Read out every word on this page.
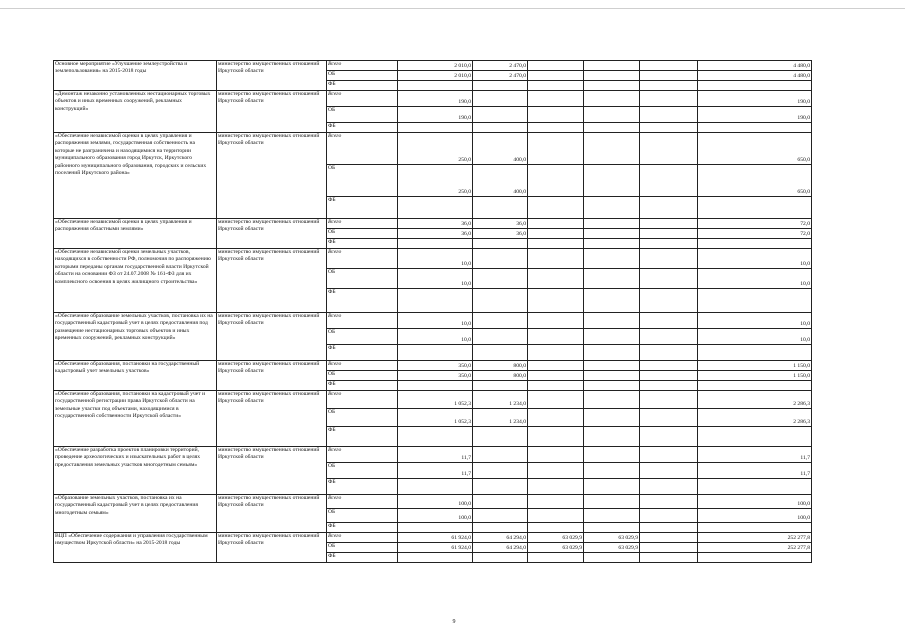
Основное мероприятие «Улучшение землеустройства и землепользования» на 2015-2018 годы	министерство имущественных отношений Иркутской области	Всего	2 010,0	2 470,0				4 480,0
		ОБ	2 010,0	2 470,0				4 480,0
		ФБ						
«Демонтаж незаконно установленных нестационарных торговых объектов и иных временных сооружений, рекламных конструкций»	министерство имущественных отношений Иркутской области	Всего	190,0					190,0
		ОБ	190,0					190,0
		ФБ						
«Обеспечение независимой оценки в целях управления и распоряжения землями, государственная собственность на которые не разграничена и находящимися на территории муниципального образования город Иркутск, Иркутского районного муниципального образования, городских и сельских поселений Иркутского района»	министерство имущественных отношений Иркутской области	Всего	250,0	400,0				650,0
		ОБ	250,0	400,0				650,0
		ФБ						
«Обеспечение независимой оценки в целях управления и распоряжения областными землями»	министерство имущественных отношений Иркутской области	Всего	36,0	36,0				72,0
		ОБ	36,0	36,0				72,0
		ФБ						
«Обеспечение независимой оценки земельных участков, находящихся в собственности РФ, полномочия по распоряжению которыми переданы органам государственной власти Иркутской области на основании ФЗ от 24.07.2008 № 161-ФЗ для их комплексного освоения в целях жилищного строительства»	министерство имущественных отношений Иркутской области	Всего	10,0					10,0
		ОБ	10,0					10,0
		ФБ						
«Обеспечение образование земельных участков, постановка их на государственный кадастровый учет в целях предоставления под размещение нестационарных торговых объектов и иных временных сооружений, рекламных конструкций»	министерство имущественных отношений Иркутской области	Всего	10,0					10,0
		ОБ	10,0					10,0
		ФБ						
«Обеспечение образования, постановки на государственный кадастровый учет земельных участков»	министерство имущественных отношений Иркутской области	Всего	350,0	800,0				1 150,0
		ОБ	350,0	800,0				1 150,0
		ФБ						
«Обеспечение образования, постановки на кадастровый учет и государственной регистрации права Иркутской области на земельные участки под объектами, находящимися в государственной собственности Иркутской области»	министерство имущественных отношений Иркутской области	Всего	1 052,3	1 234,0				2 286,3
		ОБ	1 052,3	1 234,0				2 286,3
		ФБ						
«Обеспечение разработка проектов планировки территорий, проведение археологических и изыскательных работ в целях предоставления земельных участков многодетным семьям»	министерство имущественных отношений Иркутской области	Всего	11,7					11,7
		ОБ	11,7					11,7
		ФБ						
«Образование земельных участков, постановка их на государственный кадастровый учет в целях предоставления многодетным семьям»	министерство имущественных отношений Иркутской области	Всего	100,0					100,0
		ОБ	100,0					100,0
		ФБ						
ВЦП «Обеспечение содержания и управления государственным имуществом Иркутской области» на 2015-2018 годы	министерство имущественных отношений Иркутской области	Всего	61 924,0	64 294,0	63 029,9	63 029,9		252 277,8
		ОБ	61 924,0	64 294,0	63 029,9	63 029,9		252 277,8
		ФБ						
9
